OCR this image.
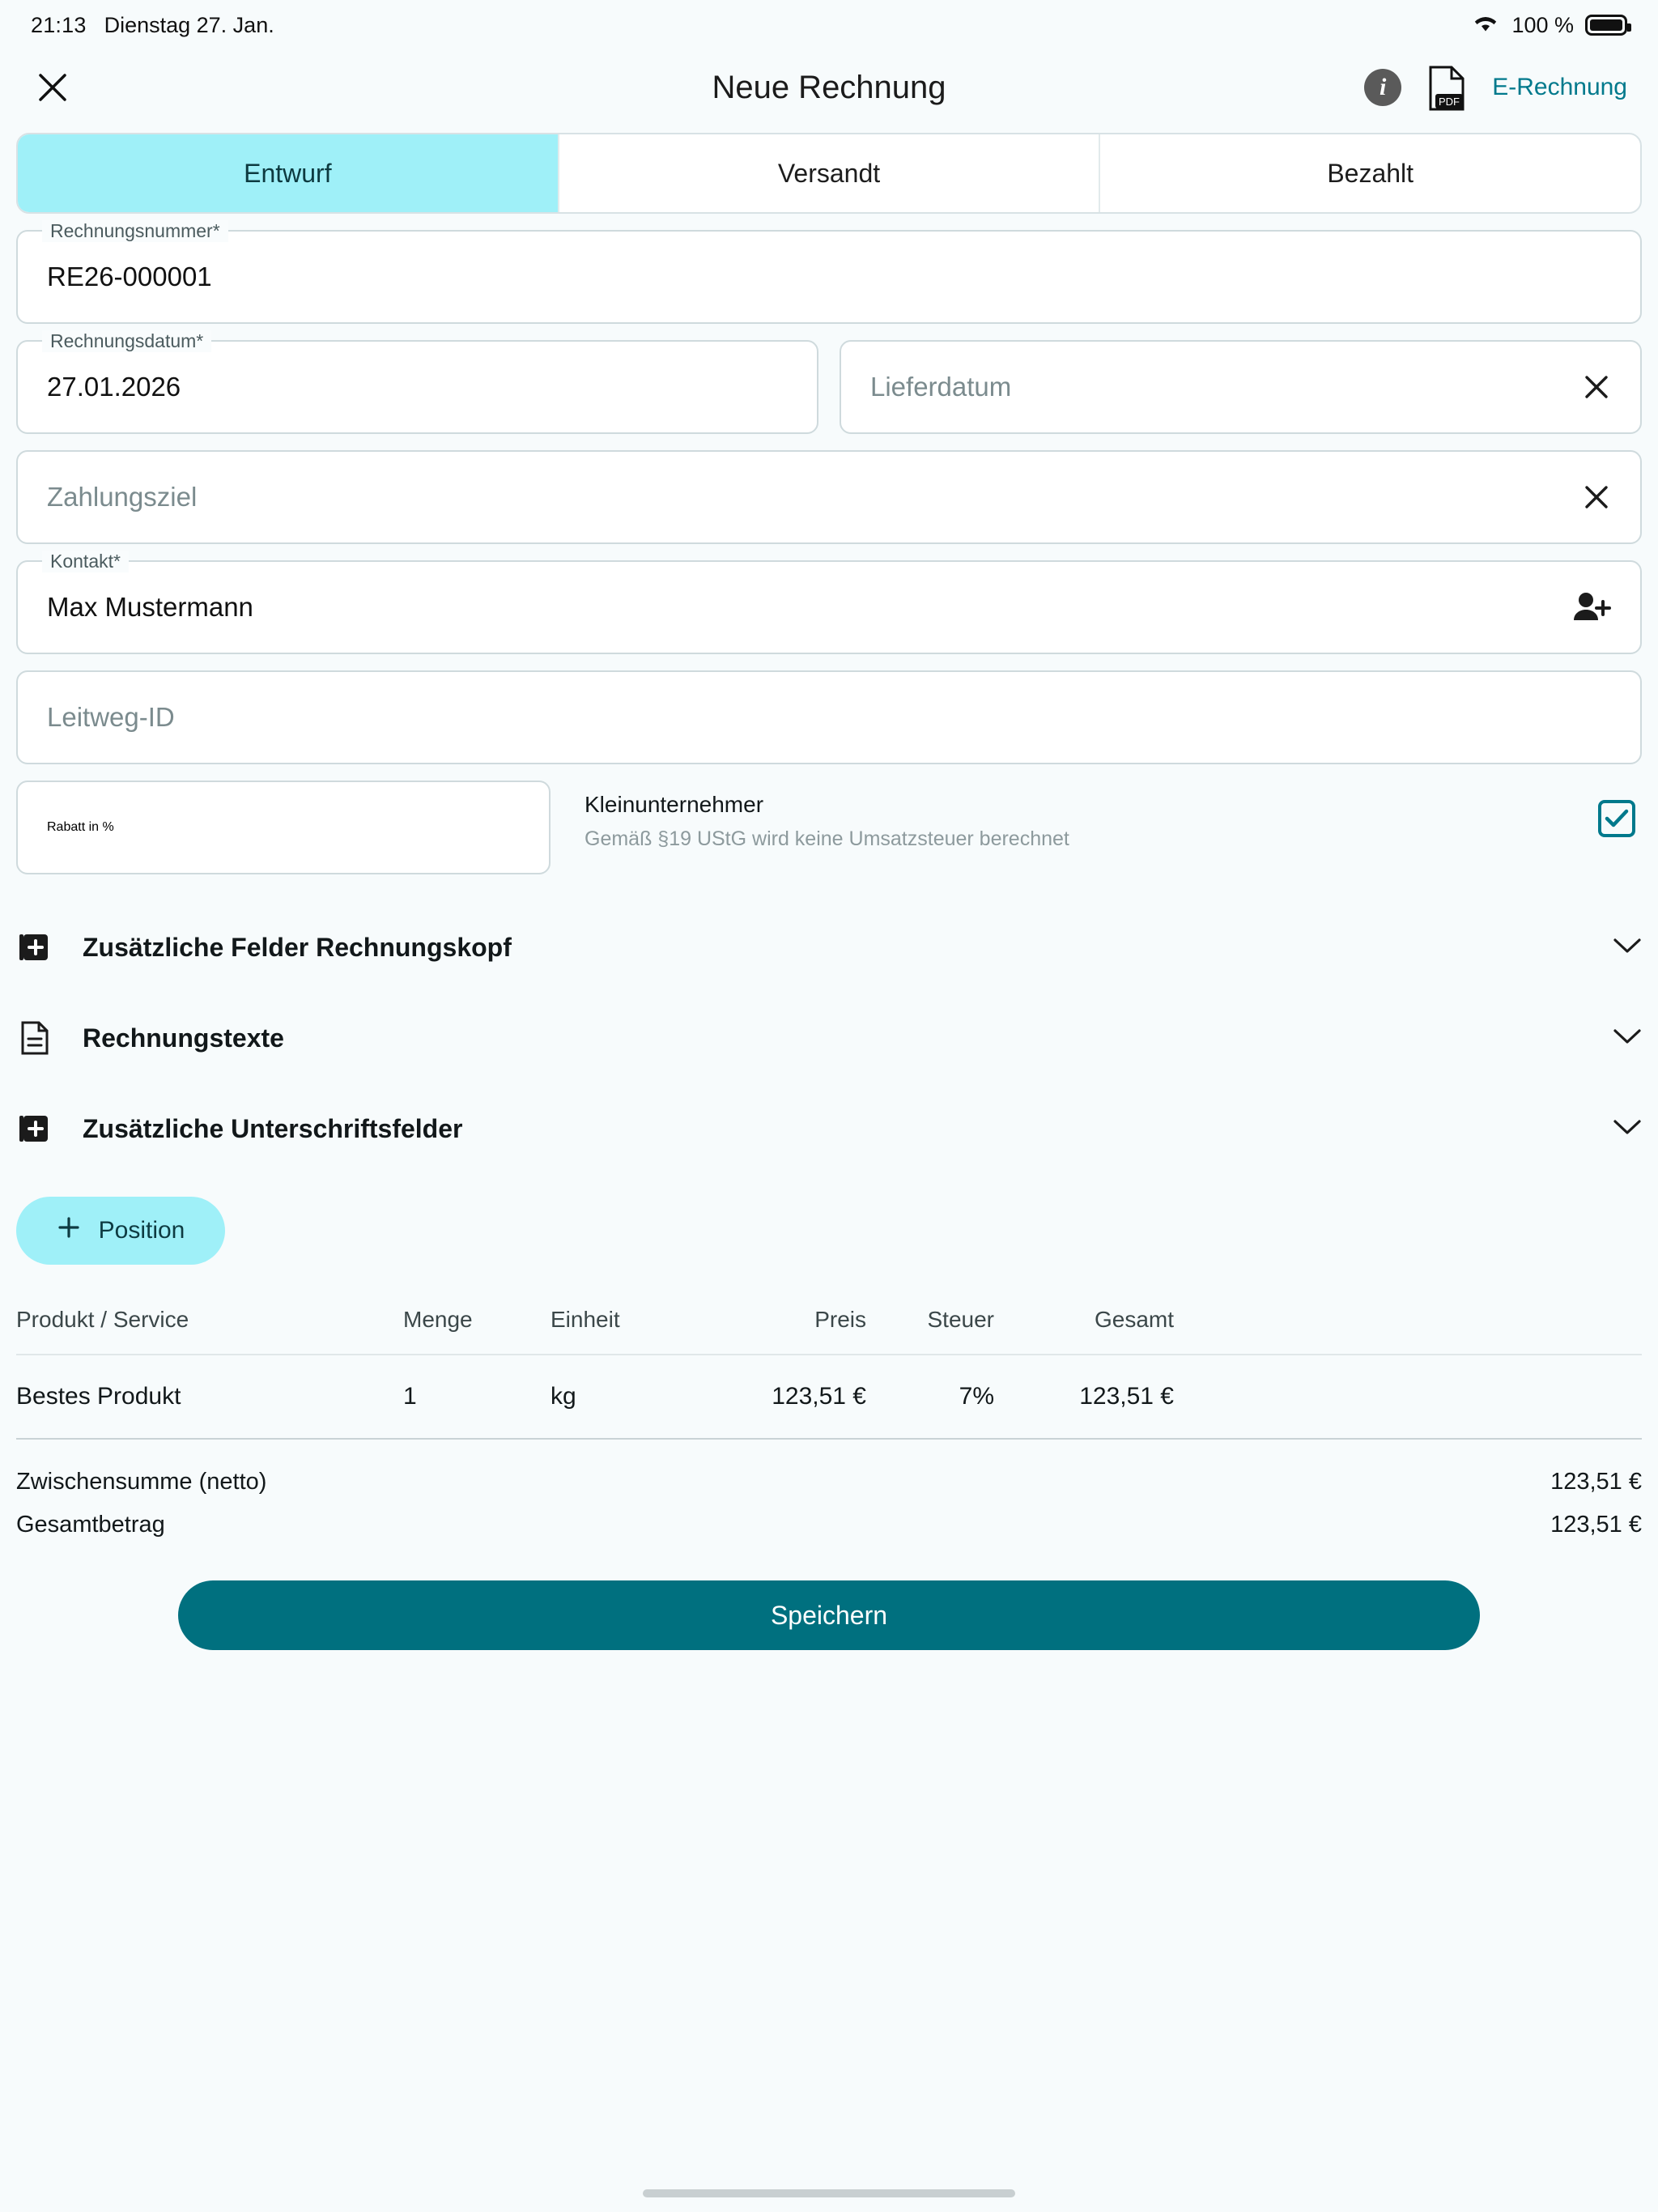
21:13 Dienstag 27. Jan.	100 %
Neue Rechnung	i
PDF
E-Rechnung
Entwurf	Versandt	Bezahlt
Rechnungsnummer*
RE26-000001
Rechnungsdatum*
27.01.2026	Lieferdatum
Zahlungsziel
Kontakt*
Max Mustermann
Leitweg-ID
Rabatt in %
Kleinunternehmer
Gemäß §19 UStG wird keine Umsatzsteuer berechnet
Zusätzliche Felder Rechnungskopf
Rechnungstexte
Zusätzliche Unterschriftsfelder
Position
Produkt / Service	Menge	Einheit	Preis	Steuer	Gesamt
Bestes Produkt	1	kg	123,51 €	7%	123,51 €
Zwischensumme (netto)	123,51 €
Gesamtbetrag	123,51 €
Speichern
